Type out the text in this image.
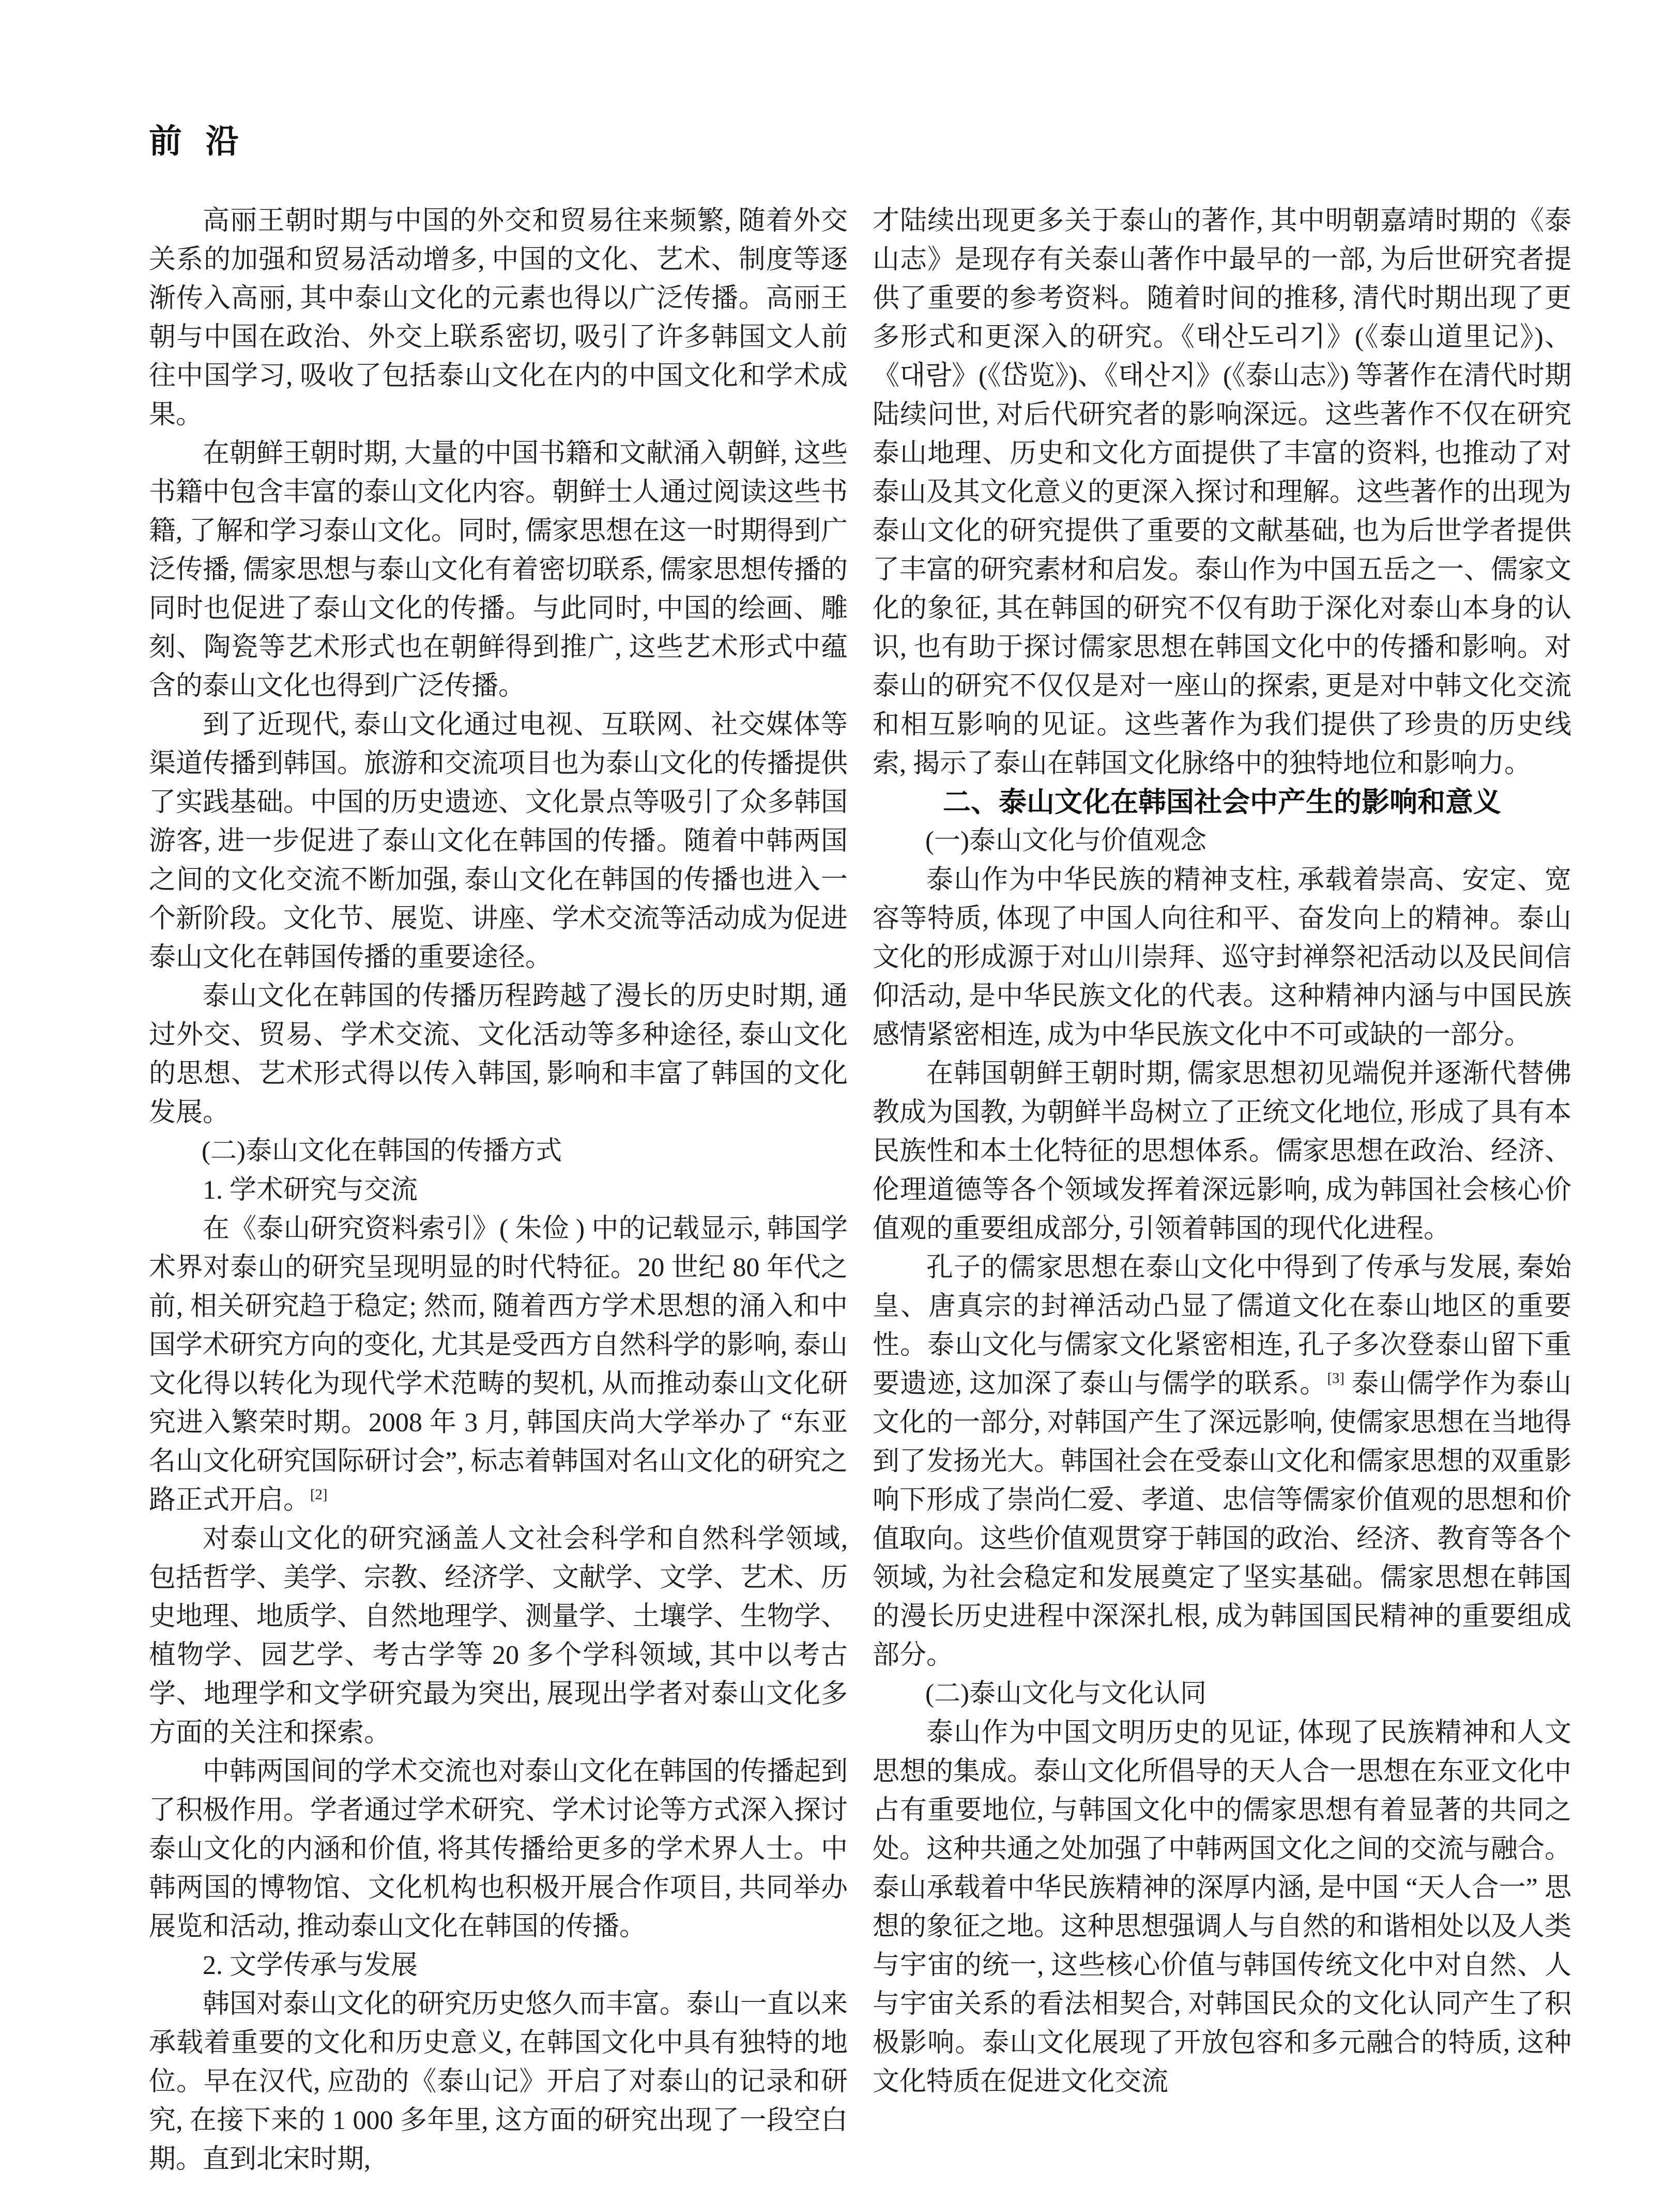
前 沿
高丽王朝时期与中国的外交和贸易往来频繁, 随着外交关系的加强和贸易活动增多, 中国的文化、艺术、制度等逐渐传入高丽, 其中泰山文化的元素也得以广泛传播。高丽王朝与中国在政治、外交上联系密切, 吸引了许多韩国文人前往中国学习, 吸收了包括泰山文化在内的中国文化和学术成果。
在朝鲜王朝时期, 大量的中国书籍和文献涌入朝鲜, 这些书籍中包含丰富的泰山文化内容。朝鲜士人通过阅读这些书籍, 了解和学习泰山文化。同时, 儒家思想在这一时期得到广泛传播, 儒家思想与泰山文化有着密切联系, 儒家思想传播的同时也促进了泰山文化的传播。与此同时, 中国的绘画、雕刻、陶瓷等艺术形式也在朝鲜得到推广, 这些艺术形式中蕴含的泰山文化也得到广泛传播。
到了近现代, 泰山文化通过电视、互联网、社交媒体等渠道传播到韩国。旅游和交流项目也为泰山文化的传播提供了实践基础。中国的历史遗迹、文化景点等吸引了众多韩国游客, 进一步促进了泰山文化在韩国的传播。随着中韩两国之间的文化交流不断加强, 泰山文化在韩国的传播也进入一个新阶段。文化节、展览、讲座、学术交流等活动成为促进泰山文化在韩国传播的重要途径。
泰山文化在韩国的传播历程跨越了漫长的历史时期, 通过外交、贸易、学术交流、文化活动等多种途径, 泰山文化的思想、艺术形式得以传入韩国, 影响和丰富了韩国的文化发展。
(二)泰山文化在韩国的传播方式
1. 学术研究与交流
在《泰山研究资料索引》( 朱俭 ) 中的记载显示, 韩国学术界对泰山的研究呈现明显的时代特征。20 世纪 80 年代之前, 相关研究趋于稳定; 然而, 随着西方学术思想的涌入和中国学术研究方向的变化, 尤其是受西方自然科学的影响, 泰山文化得以转化为现代学术范畴的契机, 从而推动泰山文化研究进入繁荣时期。2008 年 3 月, 韩国庆尚大学举办了 “东亚名山文化研究国际研讨会”, 标志着韩国对名山文化的研究之路正式开启。[2]
对泰山文化的研究涵盖人文社会科学和自然科学领域, 包括哲学、美学、宗教、经济学、文献学、文学、艺术、历史地理、地质学、自然地理学、测量学、土壤学、生物学、植物学、园艺学、考古学等 20 多个学科领域, 其中以考古学、地理学和文学研究最为突出, 展现出学者对泰山文化多方面的关注和探索。
中韩两国间的学术交流也对泰山文化在韩国的传播起到了积极作用。学者通过学术研究、学术讨论等方式深入探讨泰山文化的内涵和价值, 将其传播给更多的学术界人士。中韩两国的博物馆、文化机构也积极开展合作项目, 共同举办展览和活动, 推动泰山文化在韩国的传播。
2. 文学传承与发展
韩国对泰山文化的研究历史悠久而丰富。泰山一直以来承载着重要的文化和历史意义, 在韩国文化中具有独特的地位。早在汉代, 应劭的《泰山记》开启了对泰山的记录和研究, 在接下来的 1 000 多年里, 这方面的研究出现了一段空白期。直到北宋时期,
才陆续出现更多关于泰山的著作, 其中明朝嘉靖时期的《泰山志》是现存有关泰山著作中最早的一部, 为后世研究者提供了重要的参考资料。随着时间的推移, 清代时期出现了更多形式和更深入的研究。《태산도리기》(《泰山道里记》)、《대람》(《岱览》)、《태산지》(《泰山志》) 等著作在清代时期陆续问世, 对后代研究者的影响深远。这些著作不仅在研究泰山地理、历史和文化方面提供了丰富的资料, 也推动了对泰山及其文化意义的更深入探讨和理解。这些著作的出现为泰山文化的研究提供了重要的文献基础, 也为后世学者提供了丰富的研究素材和启发。泰山作为中国五岳之一、儒家文化的象征, 其在韩国的研究不仅有助于深化对泰山本身的认识, 也有助于探讨儒家思想在韩国文化中的传播和影响。对泰山的研究不仅仅是对一座山的探索, 更是对中韩文化交流和相互影响的见证。这些著作为我们提供了珍贵的历史线索, 揭示了泰山在韩国文化脉络中的独特地位和影响力。
二、泰山文化在韩国社会中产生的影响和意义
(一)泰山文化与价值观念
泰山作为中华民族的精神支柱, 承载着崇高、安定、宽容等特质, 体现了中国人向往和平、奋发向上的精神。泰山文化的形成源于对山川崇拜、巡守封禅祭祀活动以及民间信仰活动, 是中华民族文化的代表。这种精神内涵与中国民族感情紧密相连, 成为中华民族文化中不可或缺的一部分。
在韩国朝鲜王朝时期, 儒家思想初见端倪并逐渐代替佛教成为国教, 为朝鲜半岛树立了正统文化地位, 形成了具有本民族性和本土化特征的思想体系。儒家思想在政治、经济、伦理道德等各个领域发挥着深远影响, 成为韩国社会核心价值观的重要组成部分, 引领着韩国的现代化进程。
孔子的儒家思想在泰山文化中得到了传承与发展, 秦始皇、唐真宗的封禅活动凸显了儒道文化在泰山地区的重要性。泰山文化与儒家文化紧密相连, 孔子多次登泰山留下重要遗迹, 这加深了泰山与儒学的联系。[3] 泰山儒学作为泰山文化的一部分, 对韩国产生了深远影响, 使儒家思想在当地得到了发扬光大。韩国社会在受泰山文化和儒家思想的双重影响下形成了崇尚仁爱、孝道、忠信等儒家价值观的思想和价值取向。这些价值观贯穿于韩国的政治、经济、教育等各个领域, 为社会稳定和发展奠定了坚实基础。儒家思想在韩国的漫长历史进程中深深扎根, 成为韩国国民精神的重要组成部分。
(二)泰山文化与文化认同
泰山作为中国文明历史的见证, 体现了民族精神和人文思想的集成。泰山文化所倡导的天人合一思想在东亚文化中占有重要地位, 与韩国文化中的儒家思想有着显著的共同之处。这种共通之处加强了中韩两国文化之间的交流与融合。泰山承载着中华民族精神的深厚内涵, 是中国 “天人合一” 思想的象征之地。这种思想强调人与自然的和谐相处以及人类与宇宙的统一, 这些核心价值与韩国传统文化中对自然、人与宇宙关系的看法相契合, 对韩国民众的文化认同产生了积极影响。泰山文化展现了开放包容和多元融合的特质, 这种文化特质在促进文化交流
